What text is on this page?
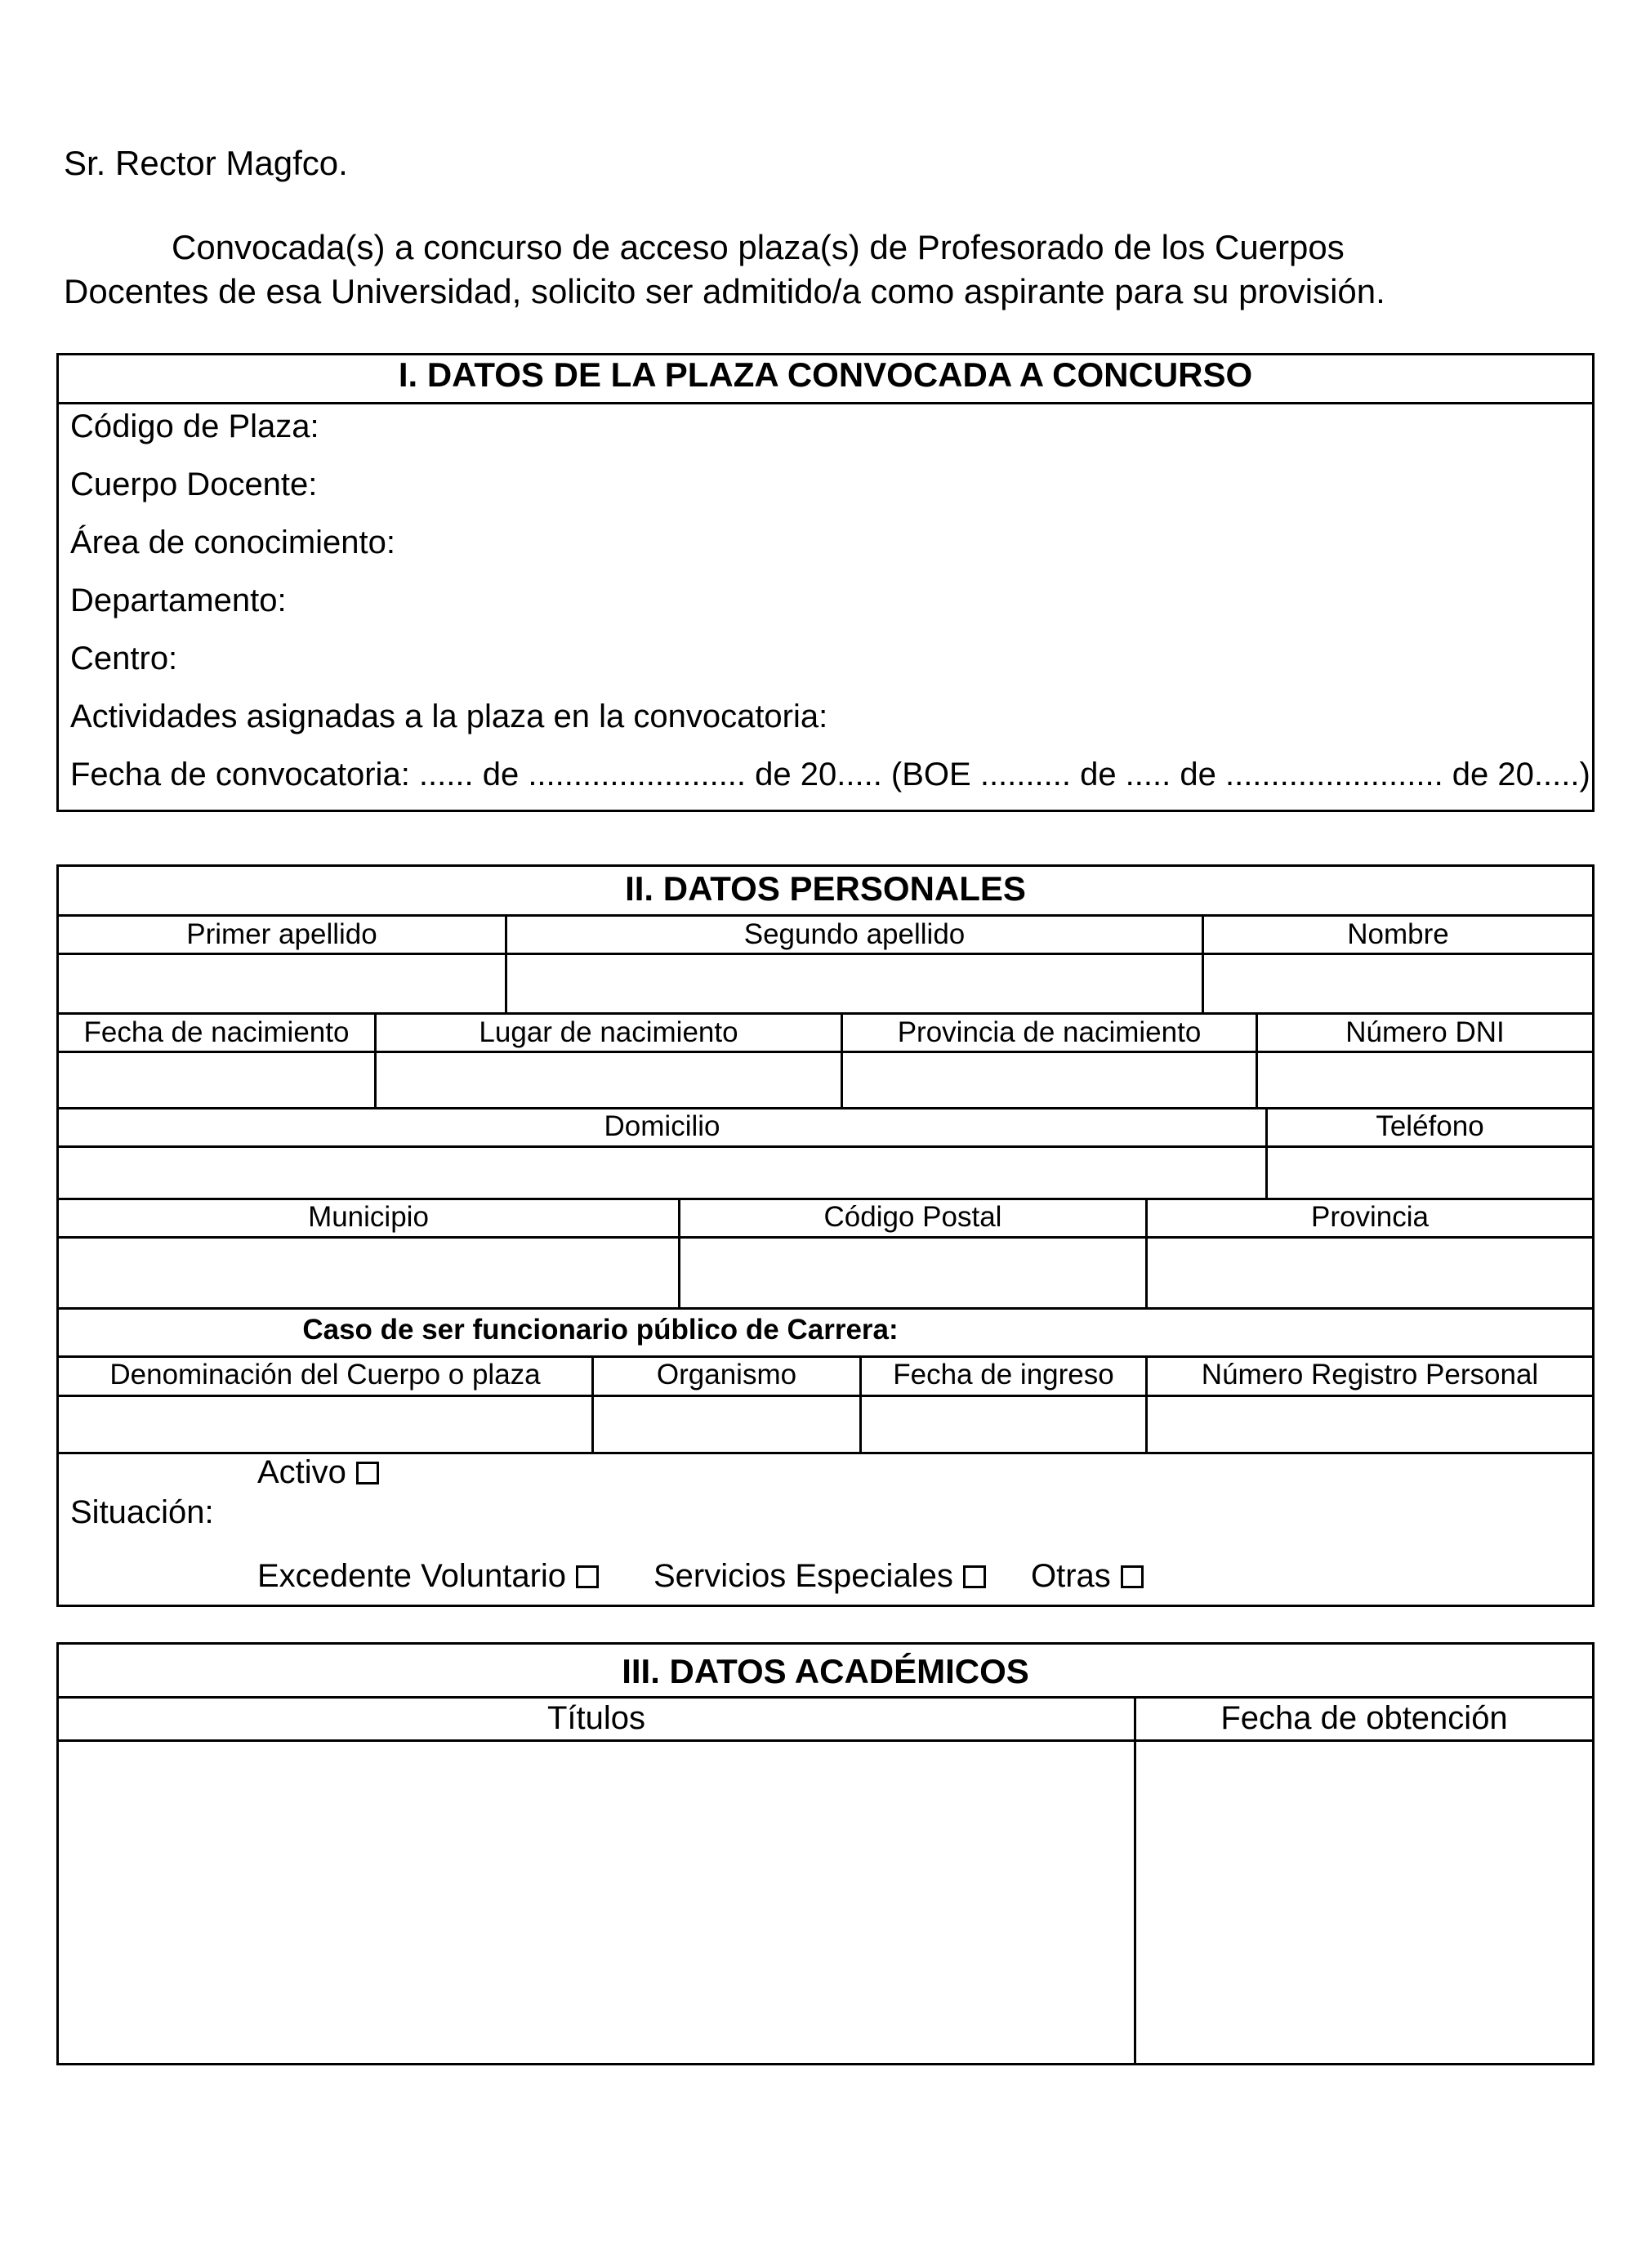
Sr. Rector Magfco.
Convocada(s) a concurso de acceso plaza(s) de Profesorado de los Cuerpos
Docentes de esa Universidad, solicito ser admitido/a como aspirante para su provisión.
I. DATOS DE LA PLAZA CONVOCADA A CONCURSO
Código de Plaza:
Cuerpo Docente:
Área de conocimiento:
Departamento:
Centro:
Actividades asignadas a la plaza en la convocatoria:
Fecha de convocatoria: ...... de ........................ de 20..... (BOE .......... de ..... de ........................ de 20.....)
II. DATOS PERSONALES
Primer apellido	Segundo apellido	Nombre
Fecha de nacimiento	Lugar de nacimiento	Provincia de nacimiento	Número DNI
Domicilio	Teléfono
Municipio	Código Postal	Provincia
Caso de ser funcionario público de Carrera:
Denominación del Cuerpo o plaza	Organismo	Fecha de ingreso	Número Registro Personal
Situación:
Activo
Excedente Voluntario	Servicios Especiales	Otras
III. DATOS ACADÉMICOS
Títulos	Fecha de obtención
